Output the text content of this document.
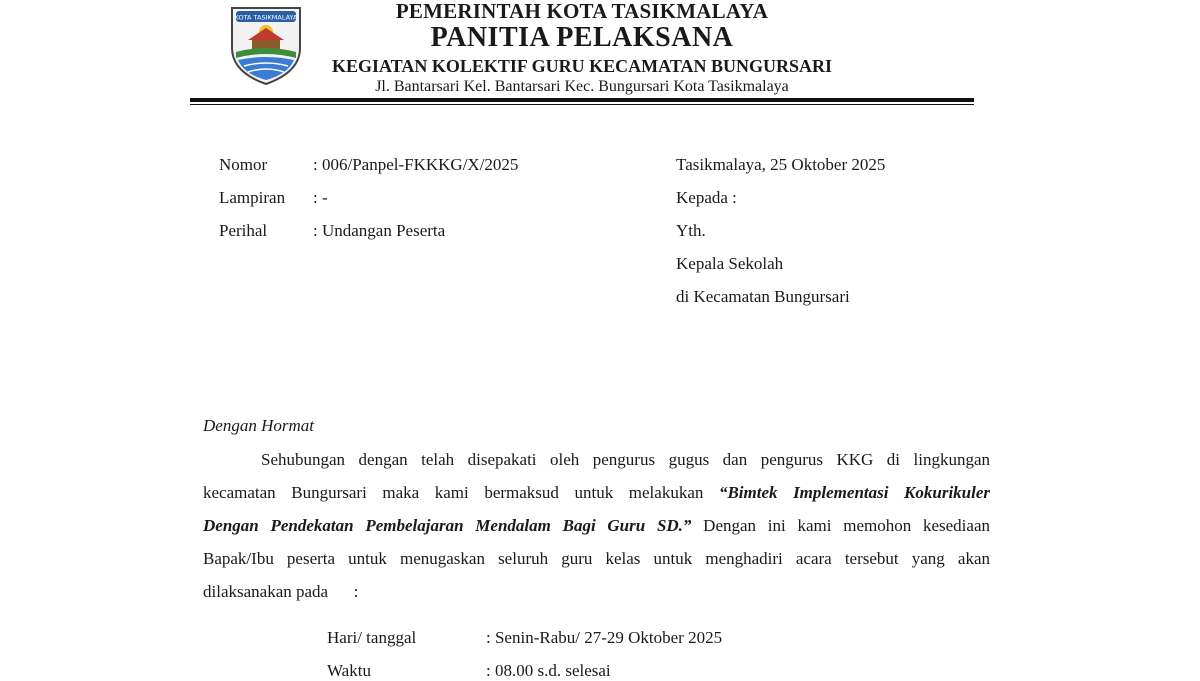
KOTA TASIKMALAYA	PEMERINTAH KOTA TASIKMALAYA
PANITIA PELAKSANA
KEGIATAN KOLEKTIF GURU KECAMATAN BUNGURSARI
Jl. Bantarsari Kel. Bantarsari Kec. Bungursari Kota Tasikmalaya
Nomor	: 006/Panpel-FKKKG/X/2025
Lampiran : -
Perihal	: Undangan Peserta
Tasikmalaya, 25 Oktober 2025
Kepada :
Yth.
Kepala Sekolah
di Kecamatan Bungursari
Dengan Hormat
Sehubungan dengan telah disepakati oleh pengurus gugus dan pengurus KKG di lingkungan
kecamatan Bungursari maka kami bermaksud untuk melakukan “Bimtek Implementasi Kokurikuler
Dengan Pendekatan Pembelajaran Mendalam Bagi Guru SD.” Dengan ini kami memohon kesediaan
Bapak/Ibu peserta untuk menugaskan seluruh guru kelas untuk menghadiri acara tersebut yang akan
dilaksanakan pada      :
Hari/ tanggal	: Senin-Rabu/ 27-29 Oktober 2025
Waktu	: 08.00 s.d. selesai
